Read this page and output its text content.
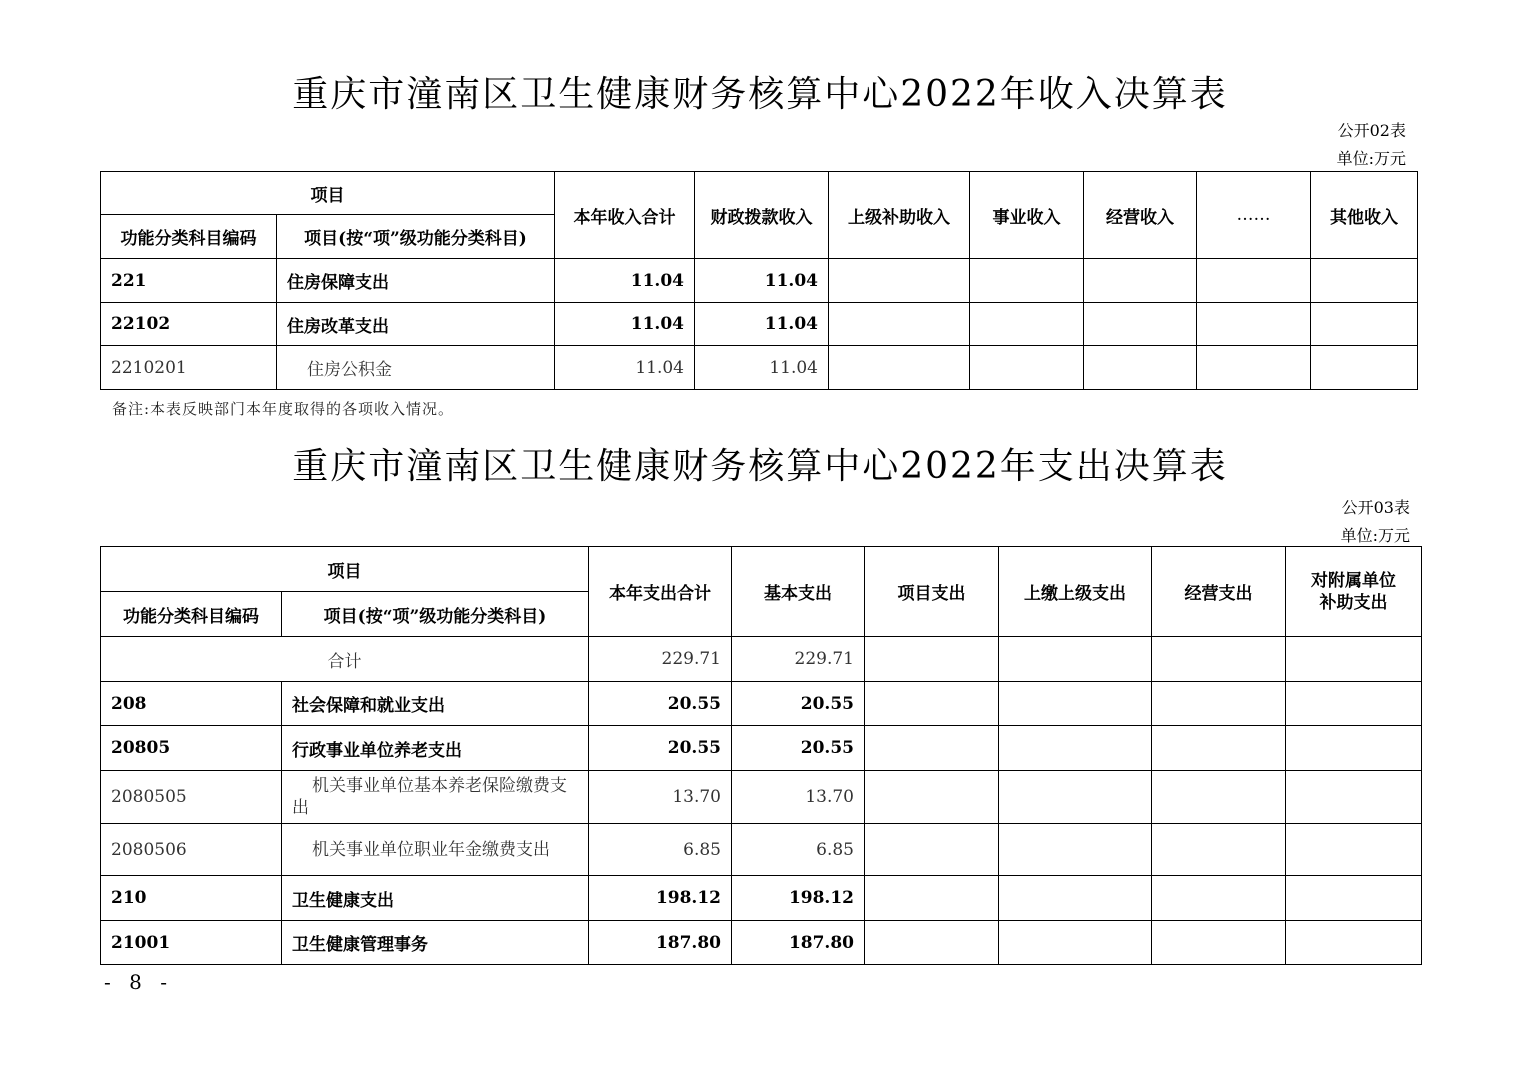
重庆市潼南区卫生健康财务核算中心2022年收入决算表
公开02表
单位:万元
项目		本年收入合计	财政拨款收入	上级补助收入	事业收入	经营收入	……	其他收入
功能分类科目编码	项目(按“项”级功能分类科目)							
221	住房保障支出	11.04	11.04					
22102	住房改革支出	11.04	11.04					
2210201	住房公积金	11.04	11.04					
备注:本表反映部门本年度取得的各项收入情况。
重庆市潼南区卫生健康财务核算中心2022年支出决算表
公开03表
单位:万元
项目		本年支出合计	基本支出	项目支出	上缴上级支出	经营支出	对附属单位补助支出
功能分类科目编码	项目(按“项”级功能分类科目)						
合计		229.71	229.71				
208	社会保障和就业支出	20.55	20.55				
20805	行政事业单位养老支出	20.55	20.55				
2080505	机关事业单位基本养老保险缴费支出	13.70	13.70				
2080506	机关事业单位职业年金缴费支出	6.85	6.85				
210	卫生健康支出	198.12	198.12				
21001	卫生健康管理事务	187.80	187.80				
- 8 -
